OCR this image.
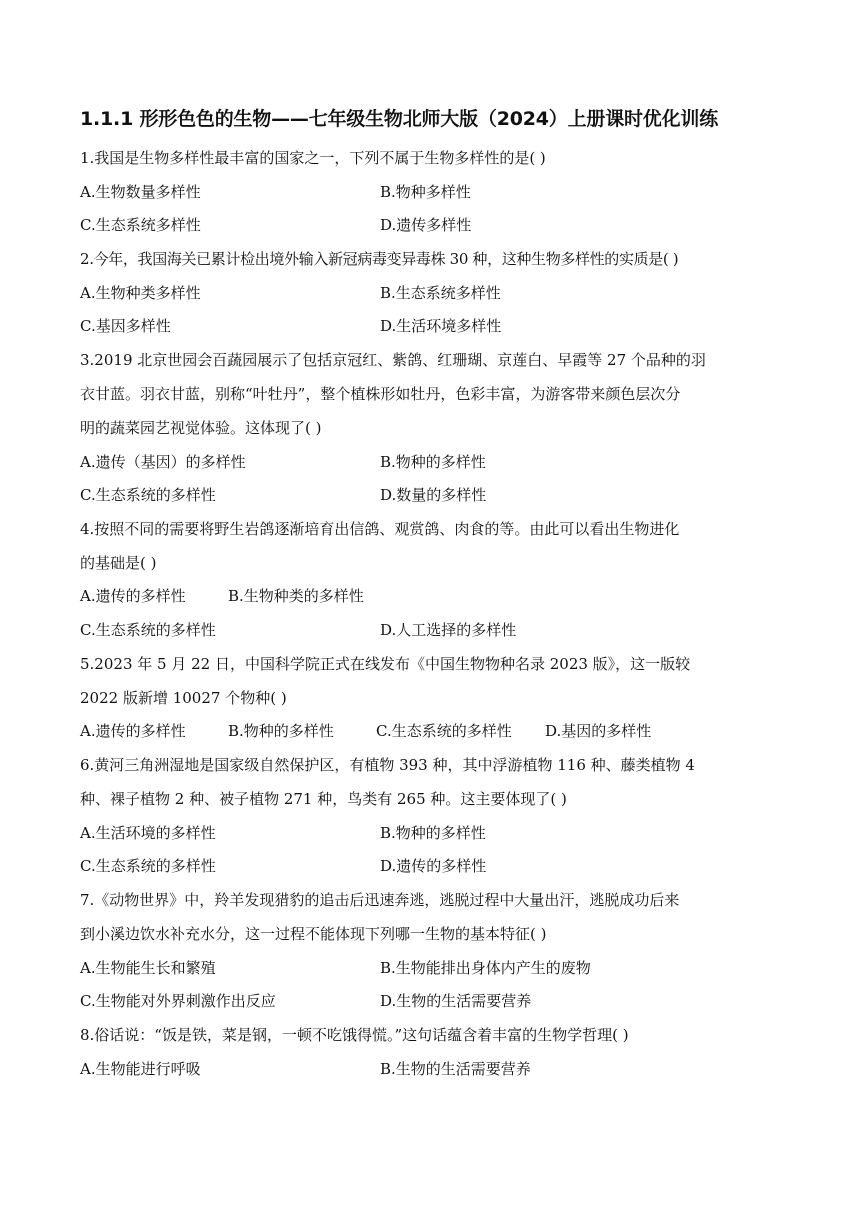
1.1.1 形形色色的生物——七年级生物北师大版（2024）上册课时优化训练
1.我国是生物多样性最丰富的国家之一，下列不属于生物多样性的是( )
A.生物数量多样性	B.物种多样性
C.生态系统多样性	D.遗传多样性
2.今年，我国海关已累计检出境外输入新冠病毒变异毒株 30 种，这种生物多样性的实质是( )
A.生物种类多样性	B.生态系统多样性
C.基因多样性	D.生活环境多样性
3.2019 北京世园会百蔬园展示了包括京冠红、紫鸽、红珊瑚、京莲白、早霞等 27 个品种的羽
衣甘蓝。羽衣甘蓝，别称“叶牡丹”，整个植株形如牡丹，色彩丰富，为游客带来颜色层次分
明的蔬菜园艺视觉体验。这体现了( )
A.遗传（基因）的多样性	B.物种的多样性
C.生态系统的多样性	D.数量的多样性
4.按照不同的需要将野生岩鸽逐渐培育出信鸽、观赏鸽、肉食的等。由此可以看出生物进化
的基础是( )
A.遗传的多样性	B.生物种类的多样性
C.生态系统的多样性	D.人工选择的多样性
5.2023 年 5 月 22 日，中国科学院正式在线发布《中国生物物种名录 2023 版》，这一版较
2022 版新增 10027 个物种( )
A.遗传的多样性	B.物种的多样性	C.生态系统的多样性 D.基因的多样性
6.黄河三角洲湿地是国家级自然保护区，有植物 393 种，其中浮游植物 116 种、藤类植物 4
种、裸子植物 2 种、被子植物 271 种，鸟类有 265 种。这主要体现了( )
A.生活环境的多样性	B.物种的多样性
C.生态系统的多样性	D.遗传的多样性
7.《动物世界》中，羚羊发现猎豹的追击后迅速奔逃，逃脱过程中大量出汗，逃脱成功后来
到小溪边饮水补充水分，这一过程不能体现下列哪一生物的基本特征( )
A.生物能生长和繁殖	B.生物能排出身体内产生的废物
C.生物能对外界刺激作出反应	D.生物的生活需要营养
8.俗话说：“饭是铁，菜是钢，一顿不吃饿得慌。”这句话蕴含着丰富的生物学哲理( )
A.生物能进行呼吸	B.生物的生活需要营养
